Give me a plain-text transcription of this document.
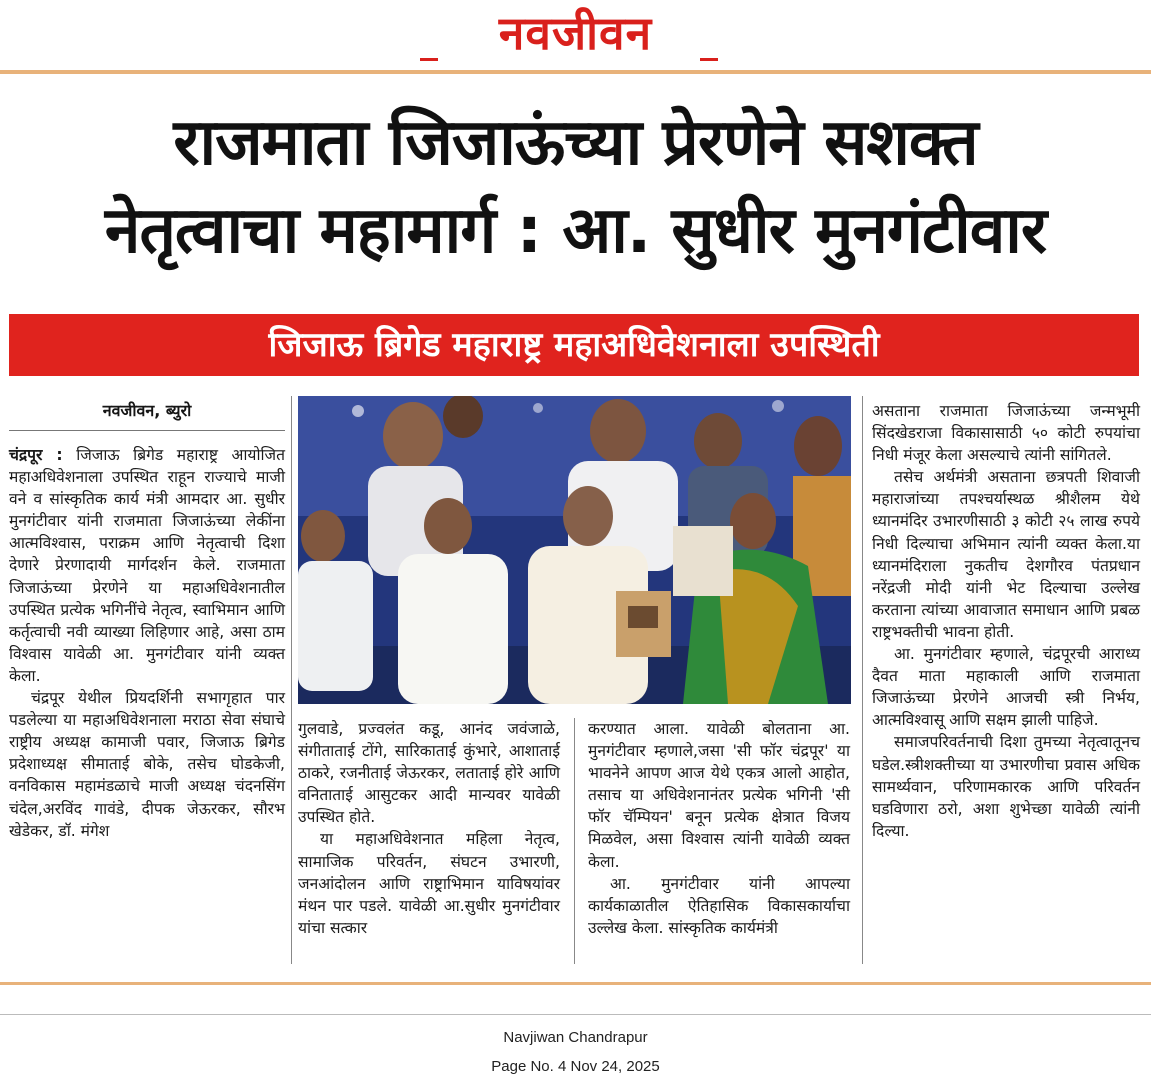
नवजीवन
राजमाता जिजाऊंच्या प्रेरणेने सशक्त
नेतृत्वाचा महामार्ग : आ. सुधीर मुनगंटीवार
जिजाऊ ब्रिगेड महाराष्ट्र महाअधिवेशनाला उपस्थिती
नवजीवन, ब्युरो

चंद्रपूर : जिजाऊ ब्रिगेड महाराष्ट्र आयोजित महाअधिवेशनाला उपस्थित राहून राज्याचे माजी वने व सांस्कृतिक कार्य मंत्री आमदार आ. सुधीर मुनगंटीवार यांनी राजमाता जिजाऊंच्या लेकींना आत्मविश्वास, पराक्रम आणि नेतृत्वाची दिशा देणारे प्रेरणादायी मार्गदर्शन केले. राजमाता जिजाऊंच्या प्रेरणेने या महाअधिवेशनातील उपस्थित प्रत्येक भगिनींचे नेतृत्व, स्वाभिमान आणि कर्तृत्वाची नवी व्याख्या लिहिणार आहे, असा ठाम विश्वास यावेळी आ. मुनगंटीवार यांनी व्यक्त केला.

चंद्रपूर येथील प्रियदर्शिनी सभागृहात पार पडलेल्या या महाअधिवेशनाला मराठा सेवा संघाचे राष्ट्रीय अध्यक्ष कामाजी पवार, जिजाऊ ब्रिगेड प्रदेशाध्यक्ष सीमाताई बोके, तसेच घोडकेजी, वनविकास महामंडळाचे माजी अध्यक्ष चंदनसिंग चंदेल,अरविंद गावंडे, दीपक जेऊरकर, सौरभ खेडेकर, डॉ. मंगेश

गुलवाडे, प्रज्वलंत कडू, आनंद जवंजाळे, संगीताताई टोंगे, सारिकाताई कुंभारे, आशाताई ठाकरे, रजनीताई जेऊरकर, लताताई होरे आणि वनिताताई आसुटकर आदी मान्यवर यावेळी उपस्थित होते.

या महाअधिवेशनात महिला नेतृत्व, सामाजिक परिवर्तन, संघटन उभारणी, जनआंदोलन आणि राष्ट्राभिमान याविषयांवर मंथन पार पडले. यावेळी आ.सुधीर मुनगंटीवार यांचा सत्कार

करण्यात आला. यावेळी बोलताना आ. मुनगंटीवार म्हणाले,जसा 'सी फॉर चंद्रपूर' या भावनेने आपण आज येथे एकत्र आलो आहोत, तसाच या अधिवेशनानंतर प्रत्येक भगिनी 'सी फॉर चॅम्पियन' बनून प्रत्येक क्षेत्रात विजय मिळवेल, असा विश्वास त्यांनी यावेळी व्यक्त केला.

आ. मुनगंटीवार यांनी आपल्या कार्यकाळातील ऐतिहासिक विकासकार्याचा उल्लेख केला. सांस्कृतिक कार्यमंत्री

असताना राजमाता जिजाऊंच्या जन्मभूमी सिंदखेडराजा विकासासाठी ५० कोटी रुपयांचा निधी मंजूर केला असल्याचे त्यांनी सांगितले.

तसेच अर्थमंत्री असताना छत्रपती शिवाजी महाराजांच्या तपश्चर्यास्थळ श्रीशैलम येथे ध्यानमंदिर उभारणीसाठी ३ कोटी २५ लाख रुपये निधी दिल्याचा अभिमान त्यांनी व्यक्त केला.या ध्यानमंदिराला नुकतीच देशगौरव पंतप्रधान नरेंद्रजी मोदी यांनी भेट दिल्याचा उल्लेख करताना त्यांच्या आवाजात समाधान आणि प्रबळ राष्ट्रभक्तीची भावना होती.

आ. मुनगंटीवार म्हणाले, चंद्रपूरची आराध्य दैवत माता महाकाली आणि राजमाता जिजाऊंच्या प्रेरणेने आजची स्त्री निर्भय, आत्मविश्वासू आणि सक्षम झाली पाहिजे.

समाजपरिवर्तनाची दिशा तुमच्या नेतृत्वातूनच घडेल.स्त्रीशक्तीच्या या उभारणीचा प्रवास अधिक सामर्थ्यवान, परिणामकारक आणि परिवर्तन घडविणारा ठरो, अशा शुभेच्छा यावेळी त्यांनी दिल्या.

Navjiwan Chandrapur
Page No. 4 Nov 24, 2025
